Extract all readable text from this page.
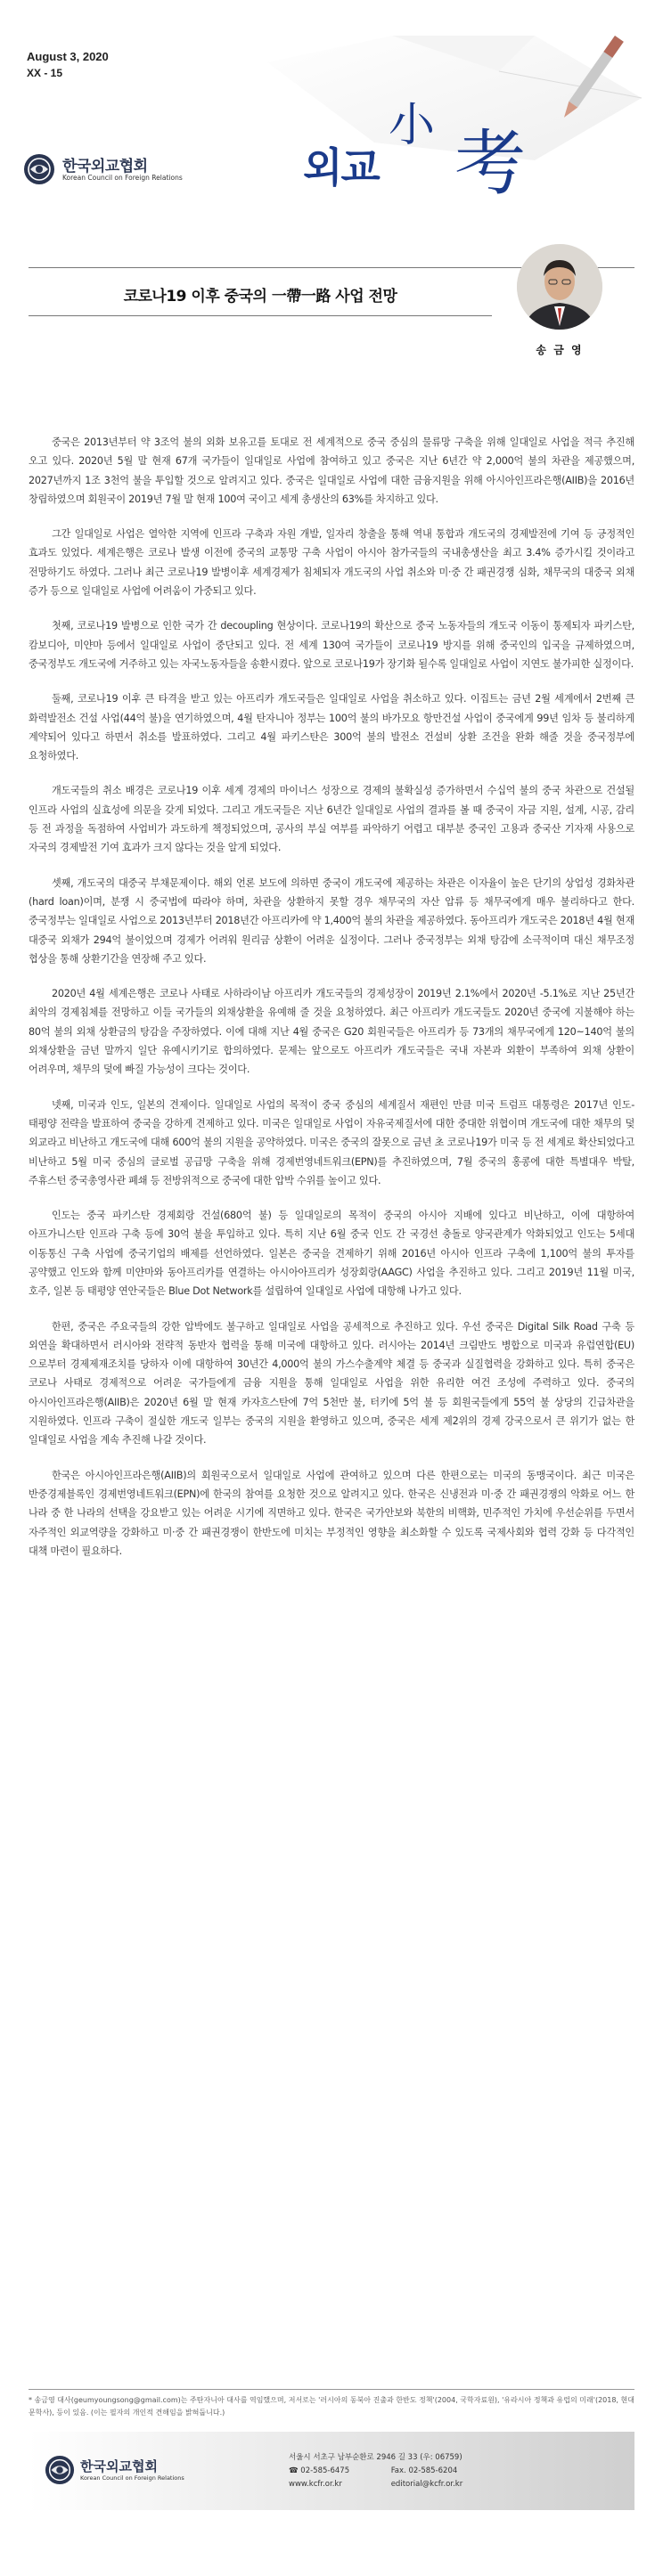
August 3, 2020
XX - 15
한국외교협회
Korean Council on Foreign Relations
小
외교 考
코로나19 이후 중국의 一帶一路 사업 전망
송 금 영

중국은 2013년부터 약 3조억 불의 외화 보유고를 토대로 전 세계적으로 중국 중심의 물류망 구축을 위해 일대일로 사업을 적극 추진해 오고 있다. 2020년 5월 말 현재 67개 국가들이 일대일로 사업에 참여하고 있고 중국은 지난 6년간 약 2,000억 불의 차관을 제공했으며, 2027년까지 1조 3천억 불을 투입할 것으로 알려지고 있다. 중국은 일대일로 사업에 대한 금융지원을 위해 아시아인프라은행(AIIB)을 2016년 창립하였으며 회원국이 2019년 7월 말 현재 100여 국이고 세계 총생산의 63%를 차지하고 있다.

그간 일대일로 사업은 열악한 지역에 인프라 구축과 자원 개발, 일자리 창출을 통해 역내 통합과 개도국의 경제발전에 기여 등 긍정적인 효과도 있었다. 세계은행은 코로나 발생 이전에 중국의 교통망 구축 사업이 아시아 참가국들의 국내총생산을 최고 3.4% 증가시킬 것이라고 전망하기도 하였다. 그러나 최근 코로나19 발병이후 세계경제가 침체되자 개도국의 사업 취소와 미·중 간 패권경쟁 심화, 채무국의 대중국 외채 증가 등으로 일대일로 사업에 어려움이 가중되고 있다.

첫째, 코로나19 발병으로 인한 국가 간 decoupling 현상이다. 코로나19의 확산으로 중국 노동자들의 개도국 이동이 통제되자 파키스탄, 캄보디아, 미얀마 등에서 일대일로 사업이 중단되고 있다. 전 세계 130여 국가들이 코로나19 방지를 위해 중국인의 입국을 규제하였으며, 중국정부도 개도국에 거주하고 있는 자국노동자들을 송환시켰다. 앞으로 코로나19가 장기화 될수록 일대일로 사업이 지연도 불가피한 실정이다.

둘째, 코로나19 이후 큰 타격을 받고 있는 아프리카 개도국들은 일대일로 사업을 취소하고 있다. 이집트는 금년 2월 세계에서 2번째 큰 화력발전소 건설 사업(44억 불)을 연기하였으며, 4월 탄자니아 정부는 100억 불의 바가모요 항만건설 사업이 중국에게 99년 임차 등 불리하게 계약되어 있다고 하면서 취소를 발표하였다. 그리고 4월 파키스탄은 300억 불의 발전소 건설비 상환 조건을 완화 해줄 것을 중국정부에 요청하였다.

개도국들의 취소 배경은 코로나19 이후 세계 경제의 마이너스 성장으로 경제의 불확실성 증가하면서 수십억 불의 중국 차관으로 건설될 인프라 사업의 실효성에 의문을 갖게 되었다. 그리고 개도국들은 지난 6년간 일대일로 사업의 결과를 볼 때 중국이 자금 지원, 설계, 시공, 감리 등 전 과정을 독점하여 사업비가 과도하게 책정되었으며, 공사의 부실 여부를 파악하기 어렵고 대부분 중국인 고용과 중국산 기자재 사용으로 자국의 경제발전 기여 효과가 크지 않다는 것을 알게 되었다.

셋째, 개도국의 대중국 부채문제이다. 해외 언론 보도에 의하면 중국이 개도국에 제공하는 차관은 이자율이 높은 단기의 상업성 경화차관(hard loan)이며, 분쟁 시 중국법에 따라야 하며, 차관을 상환하지 못할 경우 채무국의 자산 압류 등 채무국에게 매우 불리하다고 한다. 중국정부는 일대일로 사업으로 2013년부터 2018년간 아프리카에 약 1,400억 불의 차관을 제공하였다. 동아프리카 개도국은 2018년 4월 현재 대중국 외채가 294억 불이었으며 경제가 어려워 원리금 상환이 어려운 실정이다. 그러나 중국정부는 외채 탕감에 소극적이며 대신 채무조정 협상을 통해 상환기간을 연장해 주고 있다.

2020년 4월 세계은행은 코로나 사태로 사하라이남 아프리카 개도국들의 경제성장이 2019년 2.1%에서 2020년 -5.1%로 지난 25년간 최악의 경제침체를 전망하고 이들 국가들의 외채상환을 유예해 줄 것을 요청하였다. 최근 아프리카 개도국들도 2020년 중국에 지불해야 하는 80억 불의 외채 상환금의 탕감을 주장하였다. 이에 대해 지난 4월 중국은 G20 회원국들은 아프리카 등 73개의 채무국에게 120~140억 불의 외채상환을 금년 말까지 일단 유예시키기로 합의하였다. 문제는 앞으로도 아프리카 개도국들은 국내 자본과 외환이 부족하여 외채 상환이 어려우며, 채무의 덫에 빠질 가능성이 크다는 것이다.

넷째, 미국과 인도, 일본의 견제이다. 일대일로 사업의 목적이 중국 중심의 세계질서 재편인 만큼 미국 트럼프 대통령은 2017년 인도-태평양 전략을 발표하여 중국을 강하게 견제하고 있다. 미국은 일대일로 사업이 자유국제질서에 대한 중대한 위협이며 개도국에 대한 채무의 덫 외교라고 비난하고 개도국에 대해 600억 불의 지원을 공약하였다. 미국은 중국의 잘못으로 금년 초 코로나19가 미국 등 전 세계로 확산되었다고 비난하고 5월 미국 중심의 글로벌 공급망 구축을 위해 경제번영네트워크(EPN)를 추진하였으며, 7월 중국의 홍콩에 대한 특별대우 박탈, 주휴스턴 중국총영사관 폐쇄 등 전방위적으로 중국에 대한 압박 수위를 높이고 있다.

인도는 중국 파키스탄 경제회랑 건설(680억 불) 등 일대일로의 목적이 중국의 아시아 지배에 있다고 비난하고, 이에 대항하여 아프가니스탄 인프라 구축 등에 30억 불을 투입하고 있다. 특히 지난 6월 중국 인도 간 국경선 충돌로 양국관계가 악화되었고 인도는 5세대 이동통신 구축 사업에 중국기업의 배제를 선언하였다. 일본은 중국을 견제하기 위해 2016년 아시아 인프라 구축에 1,100억 불의 투자를 공약했고 인도와 함께 미얀마와 동아프리카를 연결하는 아시아아프리카 성장회랑(AAGC) 사업을 추진하고 있다. 그리고 2019년 11월 미국, 호주, 일본 등 태평양 연안국들은 Blue Dot Network를 설립하여 일대일로 사업에 대항해 나가고 있다.

한편, 중국은 주요국들의 강한 압박에도 불구하고 일대일로 사업을 공세적으로 추진하고 있다. 우선 중국은 Digital Silk Road 구축 등 외연을 확대하면서 러시아와 전략적 동반자 협력을 통해 미국에 대항하고 있다. 러시아는 2014년 크림반도 병합으로 미국과 유럽연합(EU)으로부터 경제제재조치를 당하자 이에 대항하여 30년간 4,000억 불의 가스수출계약 체결 등 중국과 실질협력을 강화하고 있다. 특히 중국은 코로나 사태로 경제적으로 어려운 국가들에게 금융 지원을 통해 일대일로 사업을 위한 유리한 여건 조성에 주력하고 있다. 중국의 아시아인프라은행(AIIB)은 2020년 6월 말 현재 카자흐스탄에 7억 5천만 불, 터키에 5억 불 등 회원국들에게 55억 불 상당의 긴급차관을 지원하였다. 인프라 구축이 절실한 개도국 일부는 중국의 지원을 환영하고 있으며, 중국은 세계 제2위의 경제 강국으로서 큰 위기가 없는 한 일대일로 사업을 계속 추진해 나갈 것이다.

한국은 아시아인프라은행(AIIB)의 회원국으로서 일대일로 사업에 관여하고 있으며 다른 한편으로는 미국의 동맹국이다. 최근 미국은 반중경제블록인 경제번영네트워크(EPN)에 한국의 참여를 요청한 것으로 알려지고 있다. 한국은 신냉전과 미·중 간 패권경쟁의 악화로 어느 한 나라 중 한 나라의 선택을 강요받고 있는 어려운 시기에 직면하고 있다. 한국은 국가안보와 북한의 비핵화, 민주적인 가치에 우선순위를 두면서 자주적인 외교역량을 강화하고 미·중 간 패권경쟁이 한반도에 미치는 부정적인 영향을 최소화할 수 있도록 국제사회와 협력 강화 등 다각적인 대책 마련이 필요하다.

* 송금영 대사(geumyoungsong@gmail.com)는 주탄자니아 대사를 역임했으며, 저서로는 '러시아의 동북아 진출과 한반도 정책'(2004, 국학자료원), '유라시아 정책과 유럽의 미래'(2018, 현대문학사), 등이 있음. (이는 필자의 개인적 견해임을 밝혀둡니다.)
한국외교협회
Korean Council on Foreign Relations
서울시 서초구 남부순환로 2946 길 33 (우: 06759)
☎ 02-585-6475	Fax. 02-585-6204
www.kcfr.or.kr	editorial@kcfr.or.kr
